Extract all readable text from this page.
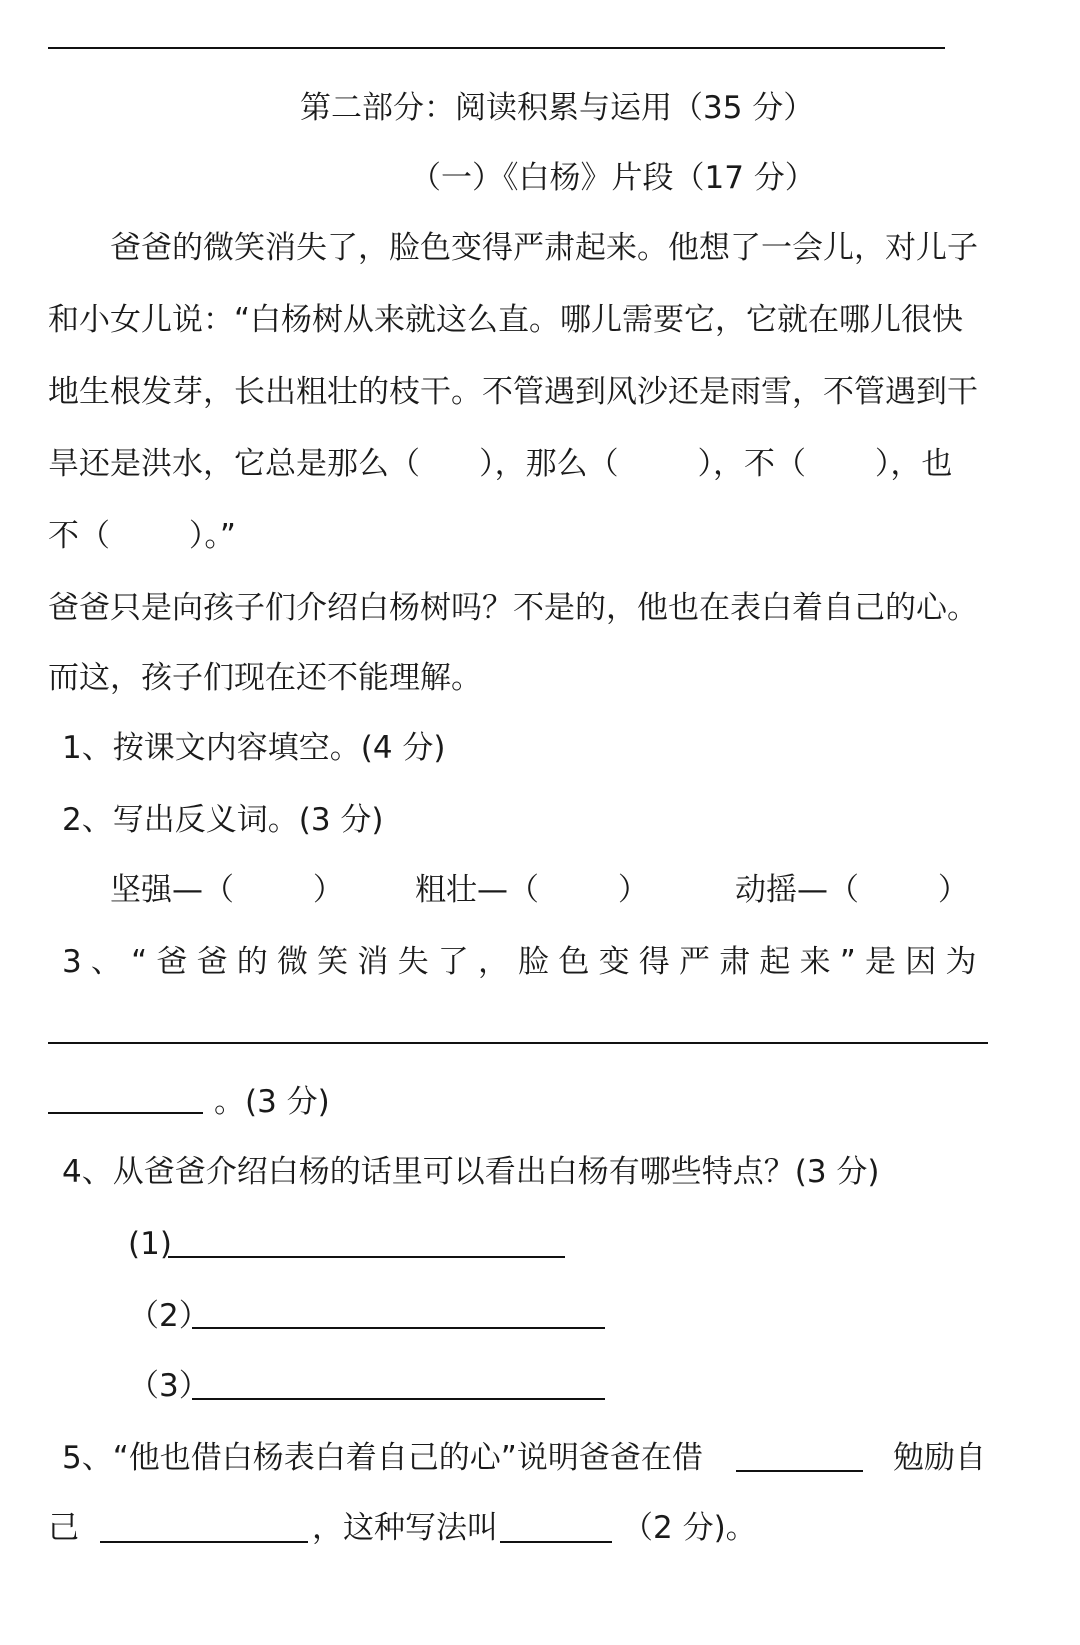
第二部分：阅读积累与运用（35 分）
（一）《白杨》片段（17 分）
爸爸的微笑消失了，脸色变得严肃起来。他想了一会儿，对儿子
和小女儿说：“白杨树从来就这么直。哪儿需要它，它就在哪儿很快
地生根发芽，长出粗壮的枝干。不管遇到风沙还是雨雪，不管遇到干
旱还是洪水，它总是那么（      ），那么（        ），不（       ），也
不（        ）。”
爸爸只是向孩子们介绍白杨树吗？不是的，他也在表白着自己的心。
而这，孩子们现在还不能理解。
1、按课文内容填空。(4 分)
2、写出反义词。(3 分)
坚强—（        ） 粗壮—（        ）	动摇—（        ）
3、“爸爸的微笑消失了，脸色变得严肃起来”是因为
。(3 分)
4、从爸爸介绍白杨的话里可以看出白杨有哪些特点？(3 分)
(1)
（2）
（3）
5、“他也借白杨表白着自己的心”说明爸爸在借	勉励自
己	，这种写法叫	（2 分)。
